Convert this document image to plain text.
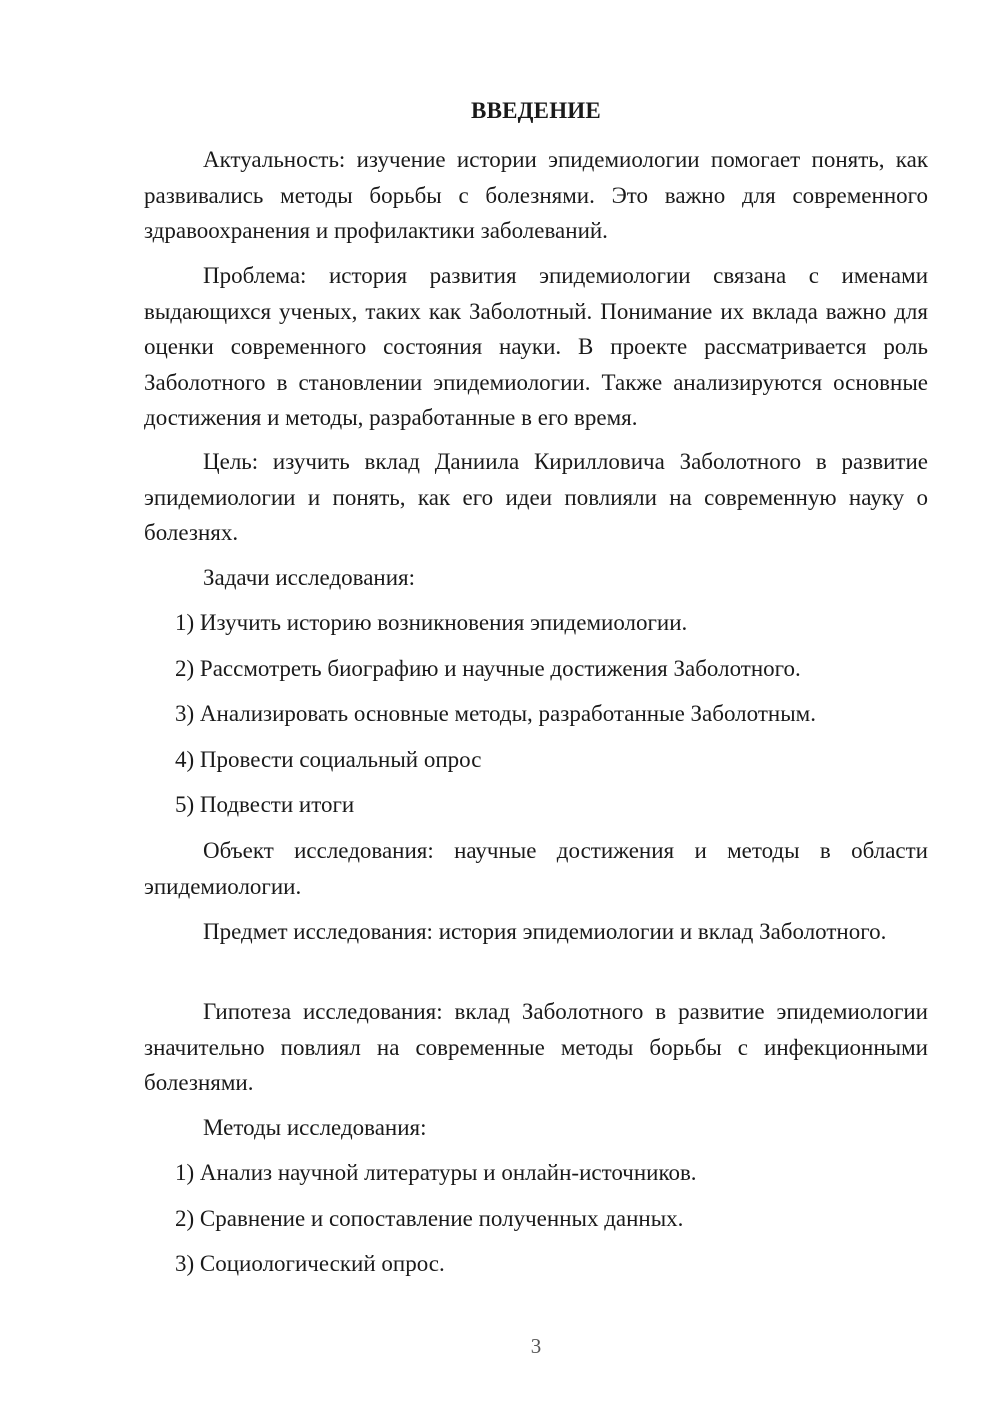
ВВЕДЕНИЕ

Актуальность: изучение истории эпидемиологии помогает понять, как развивались методы борьбы с болезнями. Это важно для современного здравоохранения и профилактики заболеваний.

Проблема: история развития эпидемиологии связана с именами выдающихся ученых, таких как Заболотный. Понимание их вклада важно для оценки современного состояния науки. В проекте рассматривается роль Заболотного в становлении эпидемиологии. Также анализируются основные достижения и методы, разработанные в его время.

Цель: изучить вклад Даниила Кирилловича Заболотного в развитие эпидемиологии и понять, как его идеи повлияли на современную науку о болезнях.

Задачи исследования:

1) Изучить историю возникновения эпидемиологии.

2) Рассмотреть биографию и научные достижения Заболотного.

3) Анализировать основные методы, разработанные Заболотным.

4) Провести социальный опрос

5) Подвести итоги

Объект исследования: научные достижения и методы в области эпидемиологии.

Предмет исследования: история эпидемиологии и вклад Заболотного.

Гипотеза исследования: вклад Заболотного в развитие эпидемиологии значительно повлиял на современные методы борьбы с инфекционными болезнями.

Методы исследования:

1) Анализ научной литературы и онлайн-источников.

2) Сравнение и сопоставление полученных данных.

3) Социологический опрос.

3
